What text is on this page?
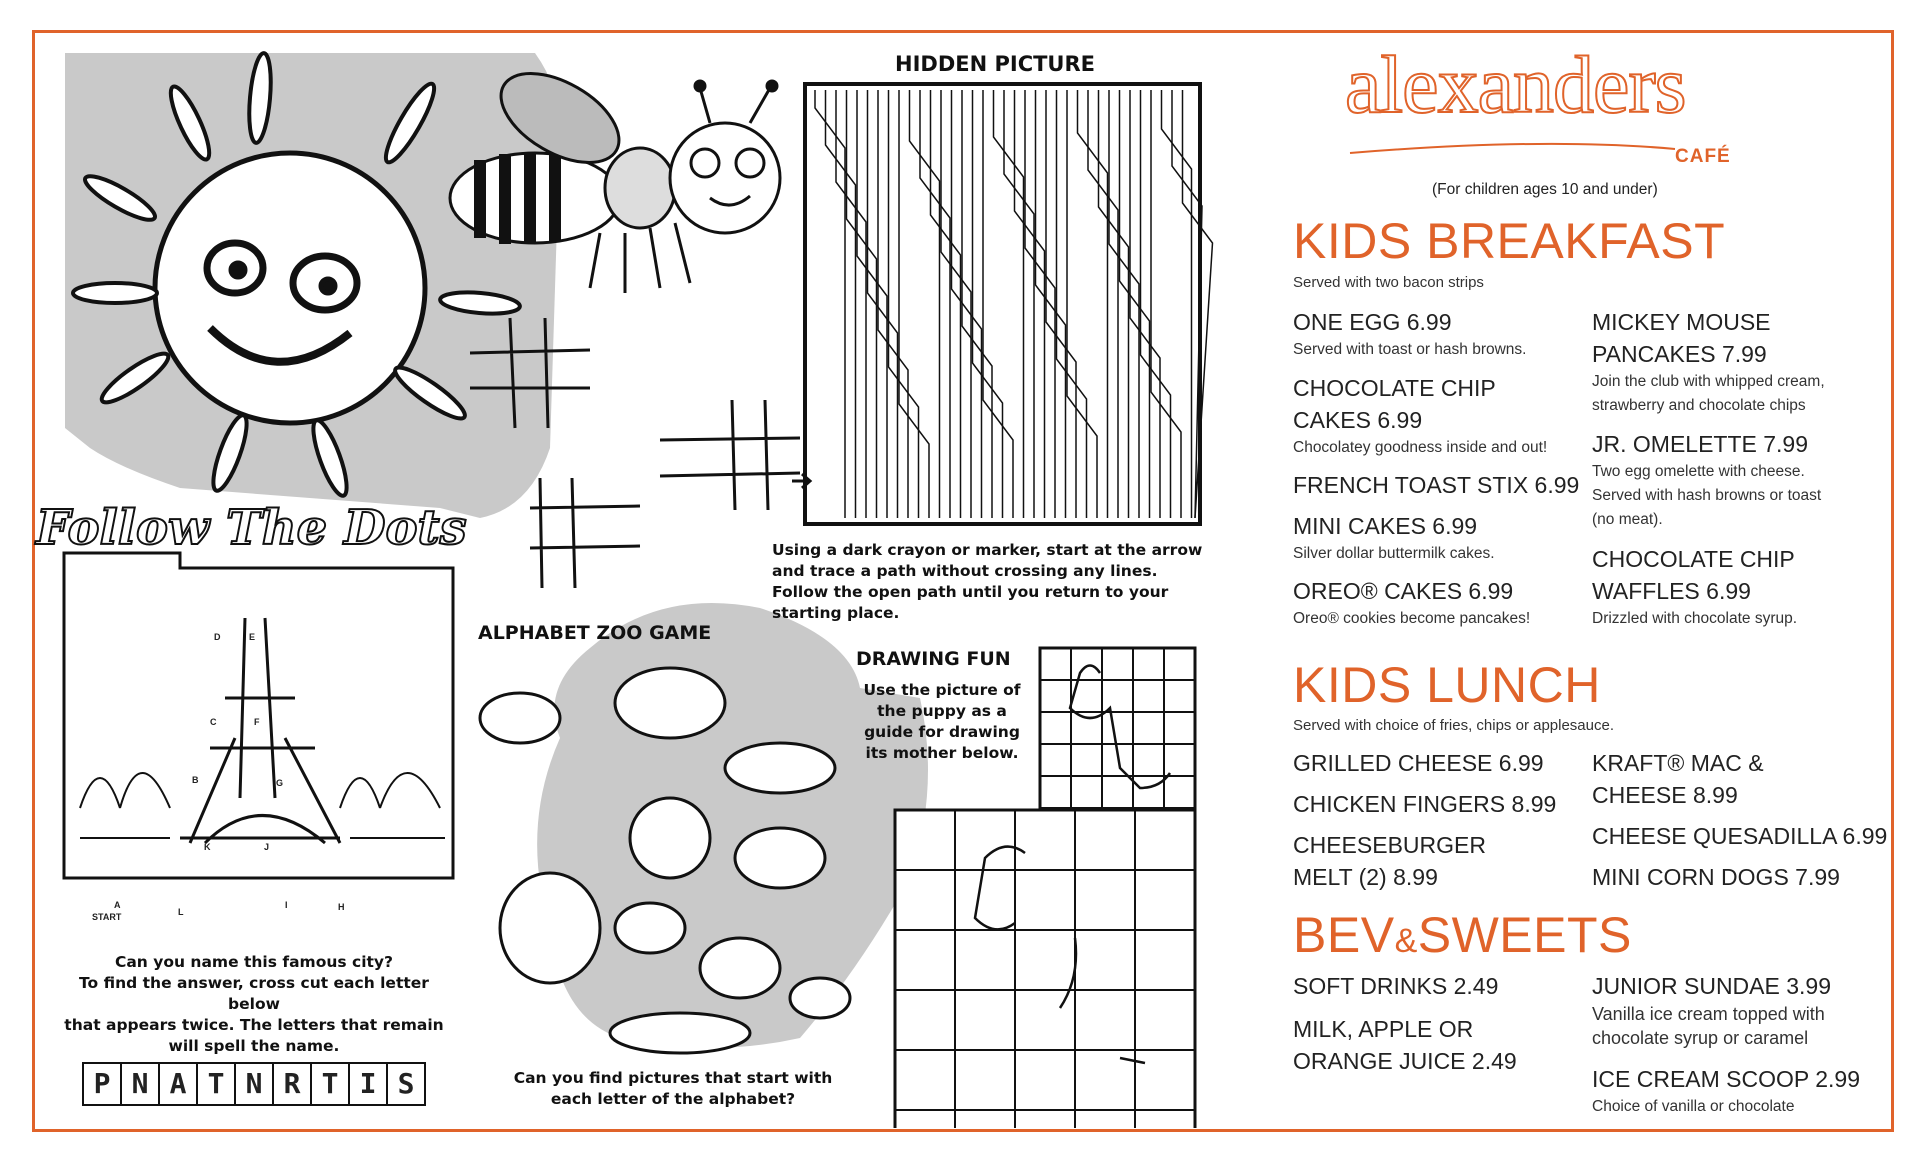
Follow The Dots
HIDDEN PICTURE
Using a dark crayon or marker, start at the arrow
and trace a path without crossing any lines.
Follow the open path until you return to your
starting place.
ALPHABET ZOO GAME
Can you find pictures that start with
each letter of the alphabet?
DRAWING FUN
Use the picture of
the puppy as a
guide for drawing
its mother below.
D	E
C	F
B	G
K	J
A	I	H
L
START
Can you name this famous city?
To find the answer, cross cut each letter below
that appears twice. The letters that remain
will spell the name.
P N A T N R T I S
alexanders
CAFÉ
(For children ages 10 and under)
KIDS BREAKFAST
Served with two bacon strips
ONE EGG 6.99
Served with toast or hash browns.
CHOCOLATE CHIP
CAKES 6.99
Chocolatey goodness inside and out!
FRENCH TOAST STIX 6.99
MINI CAKES 6.99
Silver dollar buttermilk cakes.
OREO® CAKES 6.99
Oreo® cookies become pancakes!
MICKEY MOUSE
PANCAKES 7.99
Join the club with whipped cream,
strawberry and chocolate chips
JR. OMELETTE 7.99
Two egg omelette with cheese.
Served with hash browns or toast
(no meat).
CHOCOLATE CHIP
WAFFLES 6.99
Drizzled with chocolate syrup.
KIDS LUNCH
Served with choice of fries, chips or applesauce.
GRILLED CHEESE 6.99
CHICKEN FINGERS 8.99
CHEESEBURGER
MELT (2) 8.99
KRAFT® MAC &
CHEESE 8.99
CHEESE QUESADILLA 6.99
MINI CORN DOGS 7.99
BEV&SWEETS
SOFT DRINKS 2.49
MILK, APPLE OR
ORANGE JUICE 2.49
JUNIOR SUNDAE 3.99
Vanilla ice cream topped with
chocolate syrup or caramel
ICE CREAM SCOOP 2.99
Choice of vanilla or chocolate
